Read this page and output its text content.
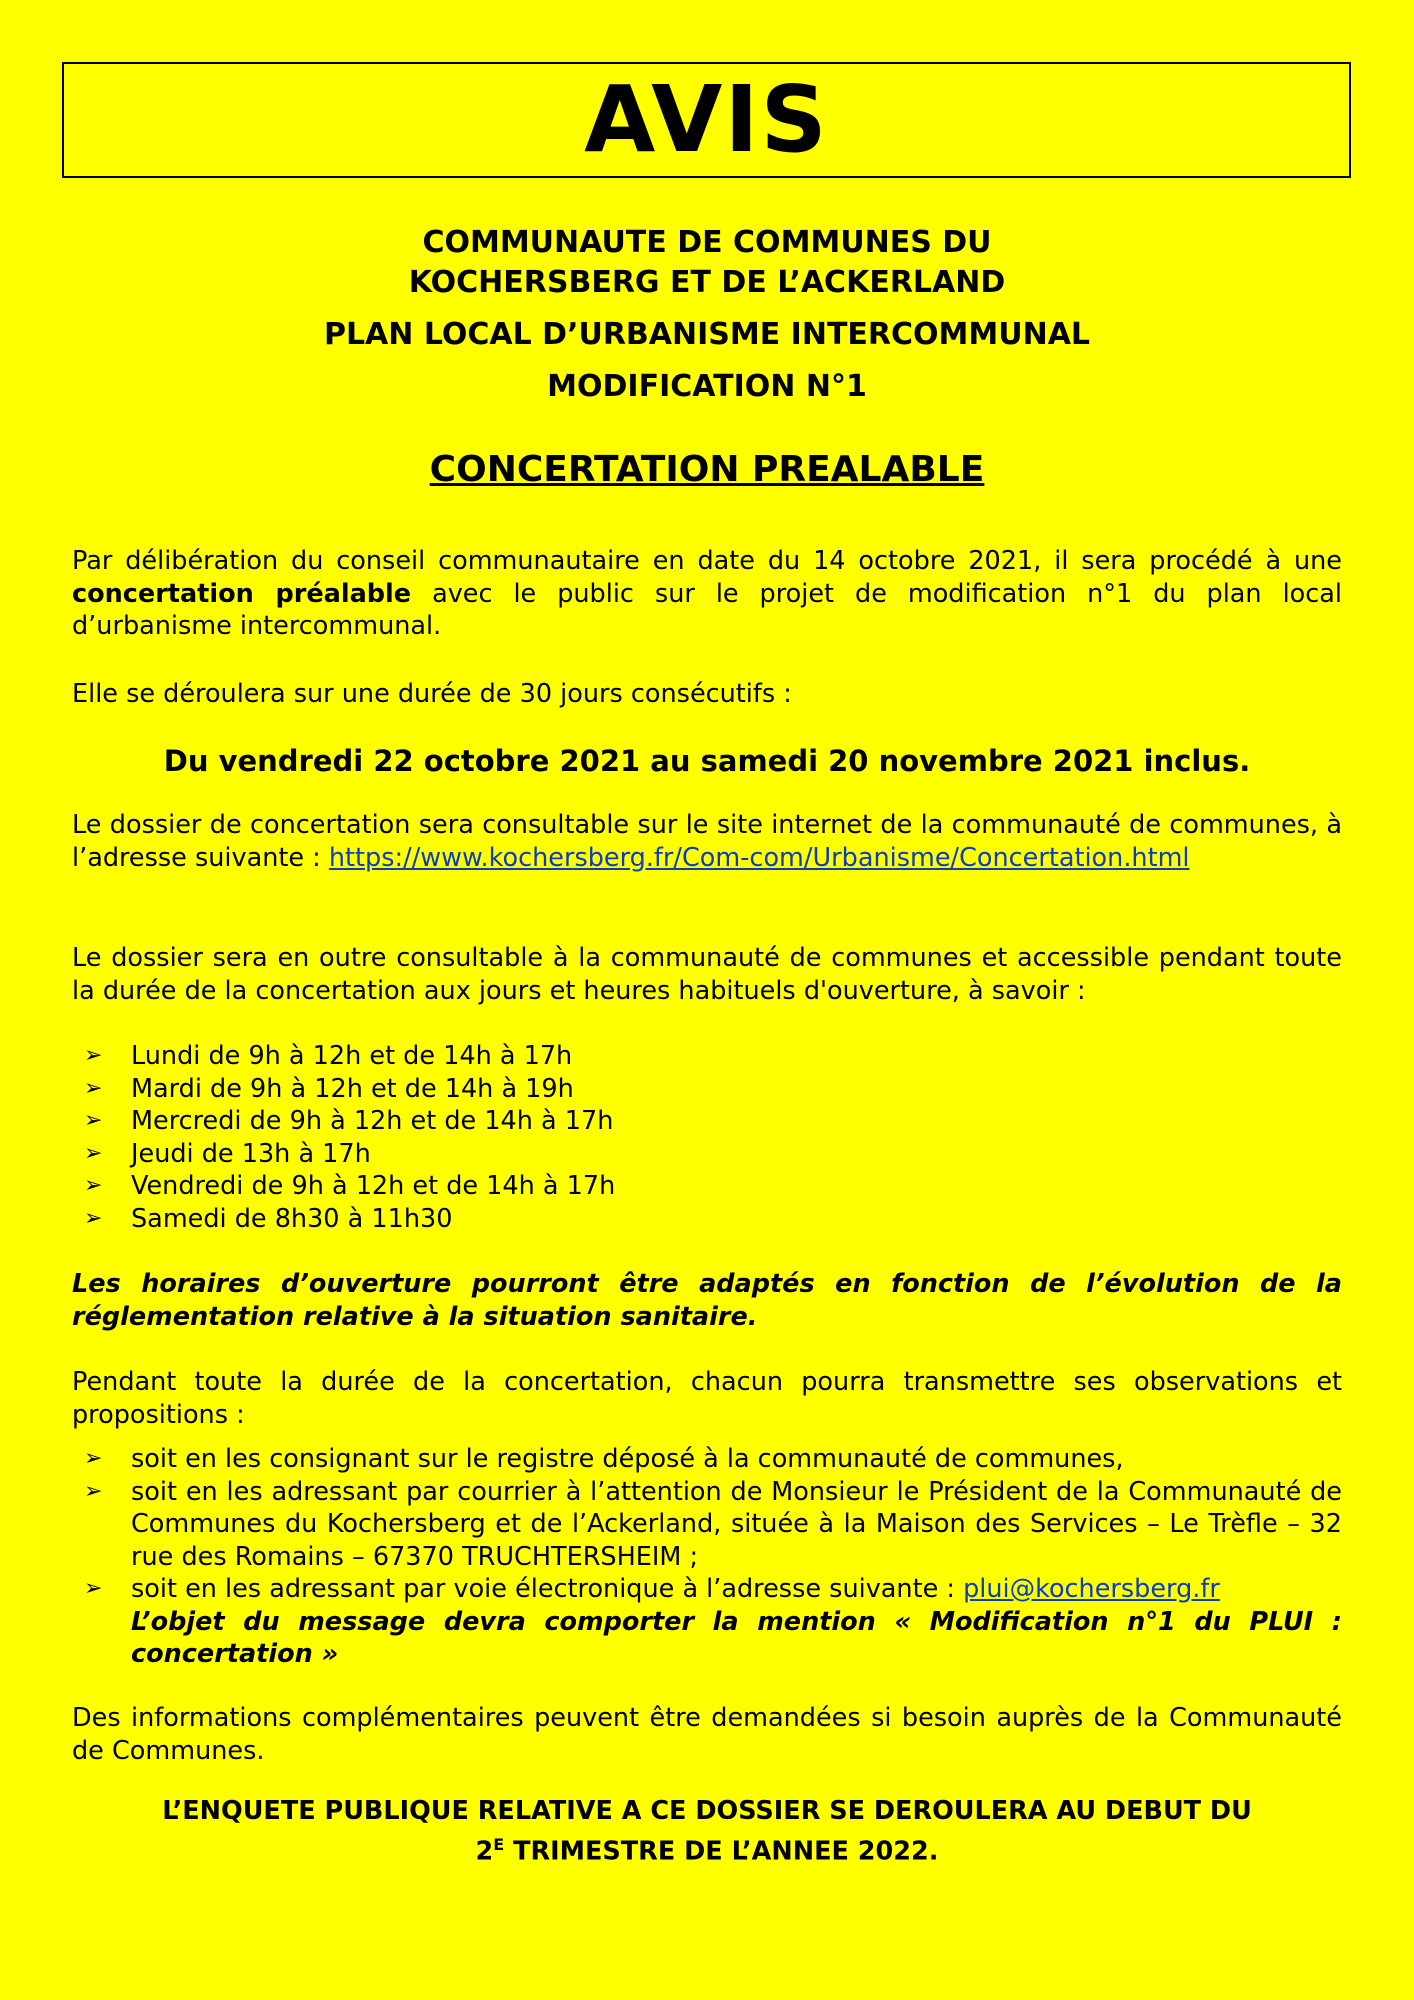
AVIS
COMMUNAUTE DE COMMUNES DU
KOCHERSBERG ET DE L’ACKERLAND
PLAN LOCAL D’URBANISME INTERCOMMUNAL
MODIFICATION N°1
CONCERTATION PREALABLE
Par délibération du conseil communautaire en date du 14 octobre 2021, il sera procédé à une concertation préalable avec le public sur le projet de modification n°1 du plan local d’urbanisme intercommunal.
Elle se déroulera sur une durée de 30 jours consécutifs :
Du vendredi 22 octobre 2021 au samedi 20 novembre 2021 inclus.
Le dossier de concertation sera consultable sur le site internet de la communauté de communes, à l’adresse suivante : https://www.kochersberg.fr/Com-com/Urbanisme/Concertation.html
Le dossier sera en outre consultable à la communauté de communes et accessible pendant toute la durée de la concertation aux jours et heures habituels d'ouverture, à savoir :
➢ Lundi de 9h à 12h et de 14h à 17h
➢ Mardi de 9h à 12h et de 14h à 19h
➢ Mercredi de 9h à 12h et de 14h à 17h
➢ Jeudi de 13h à 17h
➢ Vendredi de 9h à 12h et de 14h à 17h
➢ Samedi de 8h30 à 11h30
Les horaires d’ouverture pourront être adaptés en fonction de l’évolution de la réglementation relative à la situation sanitaire.
Pendant toute la durée de la concertation, chacun pourra transmettre ses observations et propositions :
➢ soit en les consignant sur le registre déposé à la communauté de communes,
➢ soit en les adressant par courrier à l’attention de Monsieur le Président de la Communauté de Communes du Kochersberg et de l’Ackerland, située à la Maison des Services – Le Trèfle – 32 rue des Romains – 67370 TRUCHTERSHEIM ;
➢ soit en les adressant par voie électronique à l’adresse suivante : plui@kochersberg.fr
L’objet du message devra comporter la mention « Modification n°1 du PLUI : concertation »
Des informations complémentaires peuvent être demandées si besoin auprès de la Communauté de Communes.
L’ENQUETE PUBLIQUE RELATIVE A CE DOSSIER SE DEROULERA AU DEBUT DU
$2^E$ TRIMESTRE DE L’ANNEE 2022.
